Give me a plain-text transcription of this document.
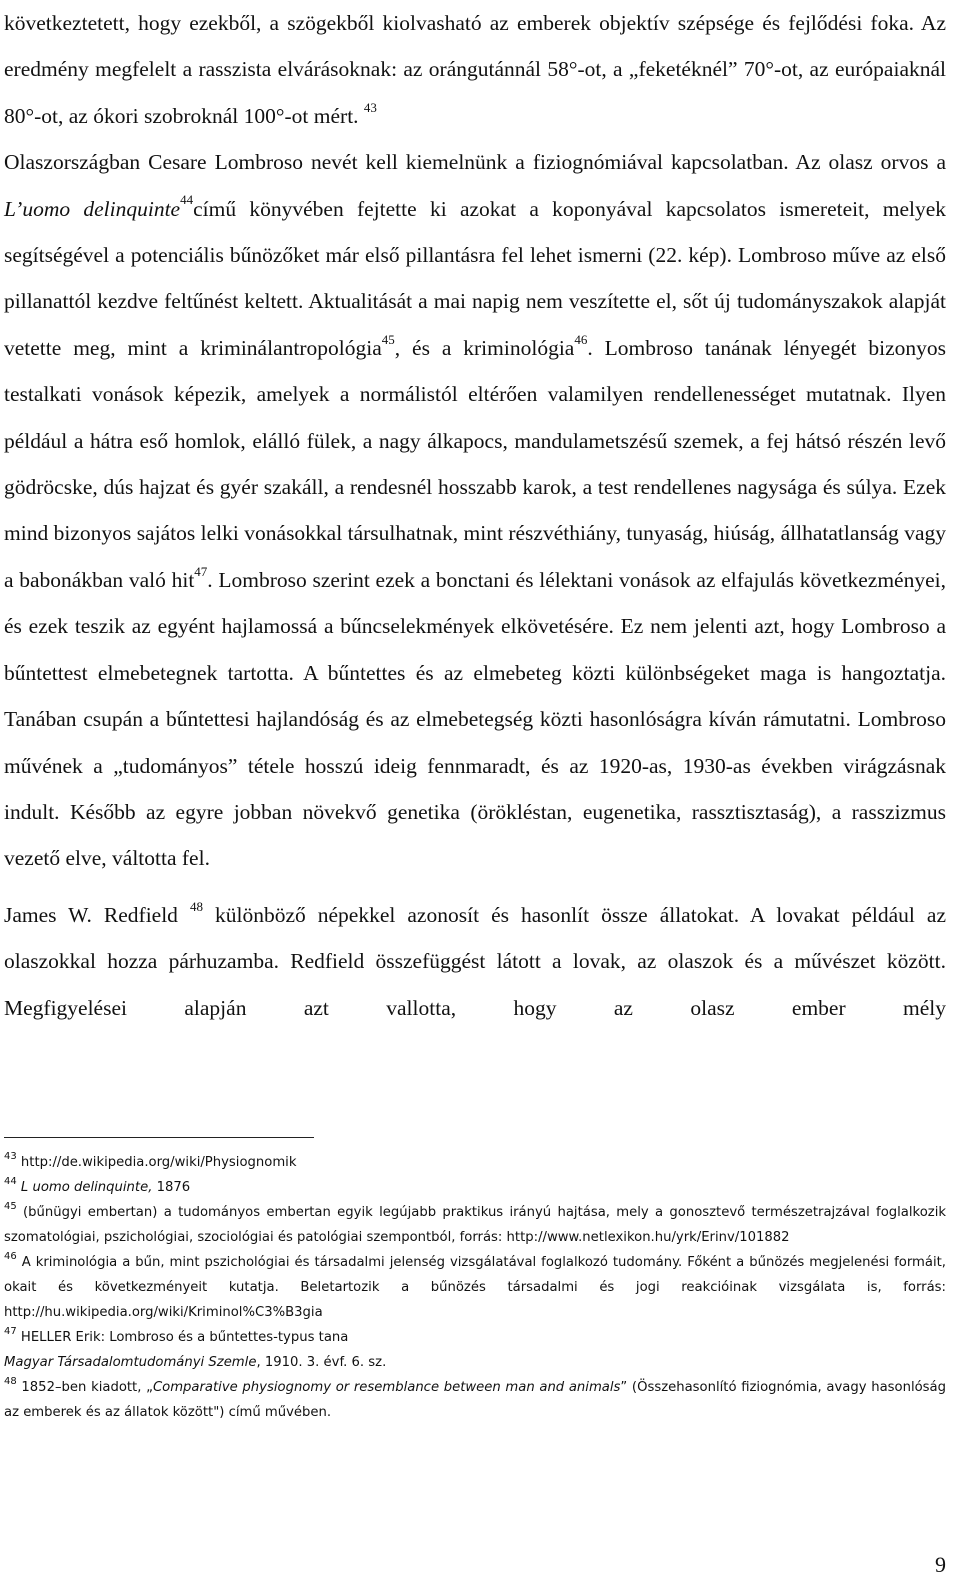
következtetett, hogy ezekből, a szögekből kiolvasható az emberek objektív szépsége és fejlődési foka. Az eredmény megfelelt a rasszista elvárásoknak: az orángutánnál 58°-ot, a „feketéknél” 70°-ot, az európaiaknál 80°-ot, az ókori szobroknál 100°-ot mért. $^{43}$

Olaszországban Cesare Lombroso nevét kell kiemelnünk a fiziognómiával kapcsolatban. Az olasz orvos a L’uomo delinquinte$^{44}$című könyvében fejtette ki azokat a koponyával kapcsolatos ismereteit, melyek segítségével a potenciális bűnözőket már első pillantásra fel lehet ismerni (22. kép). Lombroso műve az első pillanattól kezdve feltűnést keltett. Aktualitását a mai napig nem veszítette el, sőt új tudományszakok alapját vetette meg, mint a kriminálantropológia$^{45}$, és a kriminológia$^{46}$. Lombroso tanának lényegét bizonyos testalkati vonások képezik, amelyek a normálistól eltérően valamilyen rendellenességet mutatnak. Ilyen például a hátra eső homlok, elálló fülek, a nagy álkapocs, mandulametszésű szemek, a fej hátsó részén levő gödröcske, dús hajzat és gyér szakáll, a rendesnél hosszabb karok, a test rendellenes nagysága és súlya. Ezek mind bizonyos sajátos lelki vonásokkal társulhatnak, mint részvéthiány, tunyaság, hiúság, állhatatlanság vagy a babonákban való hit$^{47}$. Lombroso szerint ezek a bonctani és lélektani vonások az elfajulás következményei, és ezek teszik az egyént hajlamossá a bűncselekmények elkövetésére. Ez nem jelenti azt, hogy Lombroso a bűntettest elmebetegnek tartotta. A bűntettes és az elmebeteg közti különbségeket maga is hangoztatja. Tanában csupán a bűntettesi hajlandóság és az elmebetegség közti hasonlóságra kíván rámutatni. Lombroso művének a „tudományos” tétele hosszú ideig fennmaradt, és az 1920-as, 1930-as években virágzásnak indult. Később az egyre jobban növekvő genetika (örökléstan, eugenetika, rassztisztaság), a rasszizmus vezető elve, váltotta fel.

James W. Redfield $^{48}$ különböző népekkel azonosít és hasonlít össze állatokat. A lovakat például az olaszokkal hozza párhuzamba. Redfield összefüggést látott a lovak, az olaszok és a művészet között. Megfigyelései alapján azt vallotta, hogy az olasz ember mély

$^{43}$ http://de.wikipedia.org/wiki/Physiognomik

$^{44}$ L uomo delinquinte, 1876

$^{45}$ (bűnügyi embertan) a tudományos embertan egyik legújabb praktikus irányú hajtása, mely a gonosztevő természetrajzával foglalkozik szomatológiai, pszichológiai, szociológiai és patológiai szempontból, forrás: http://www.netlexikon.hu/yrk/Erinv/101882

$^{46}$ A kriminológia a bűn, mint pszichológiai és társadalmi jelenség vizsgálatával foglalkozó tudomány. Főként a bűnözés megjelenési formáit, okait és következményeit kutatja. Beletartozik a bűnözés társadalmi és jogi reakcióinak vizsgálata is, forrás: http://hu.wikipedia.org/wiki/Kriminol%C3%B3gia

$^{47}$ HELLER Erik: Lombroso és a bűntettes-typus tana
Magyar Társadalomtudományi Szemle, 1910. 3. évf. 6. sz.

$^{48}$ 1852–ben kiadott, „Comparative physiognomy or resemblance between man and animals” (Összehasonlító fiziognómia, avagy hasonlóság az emberek és az állatok között") című művében.

9
